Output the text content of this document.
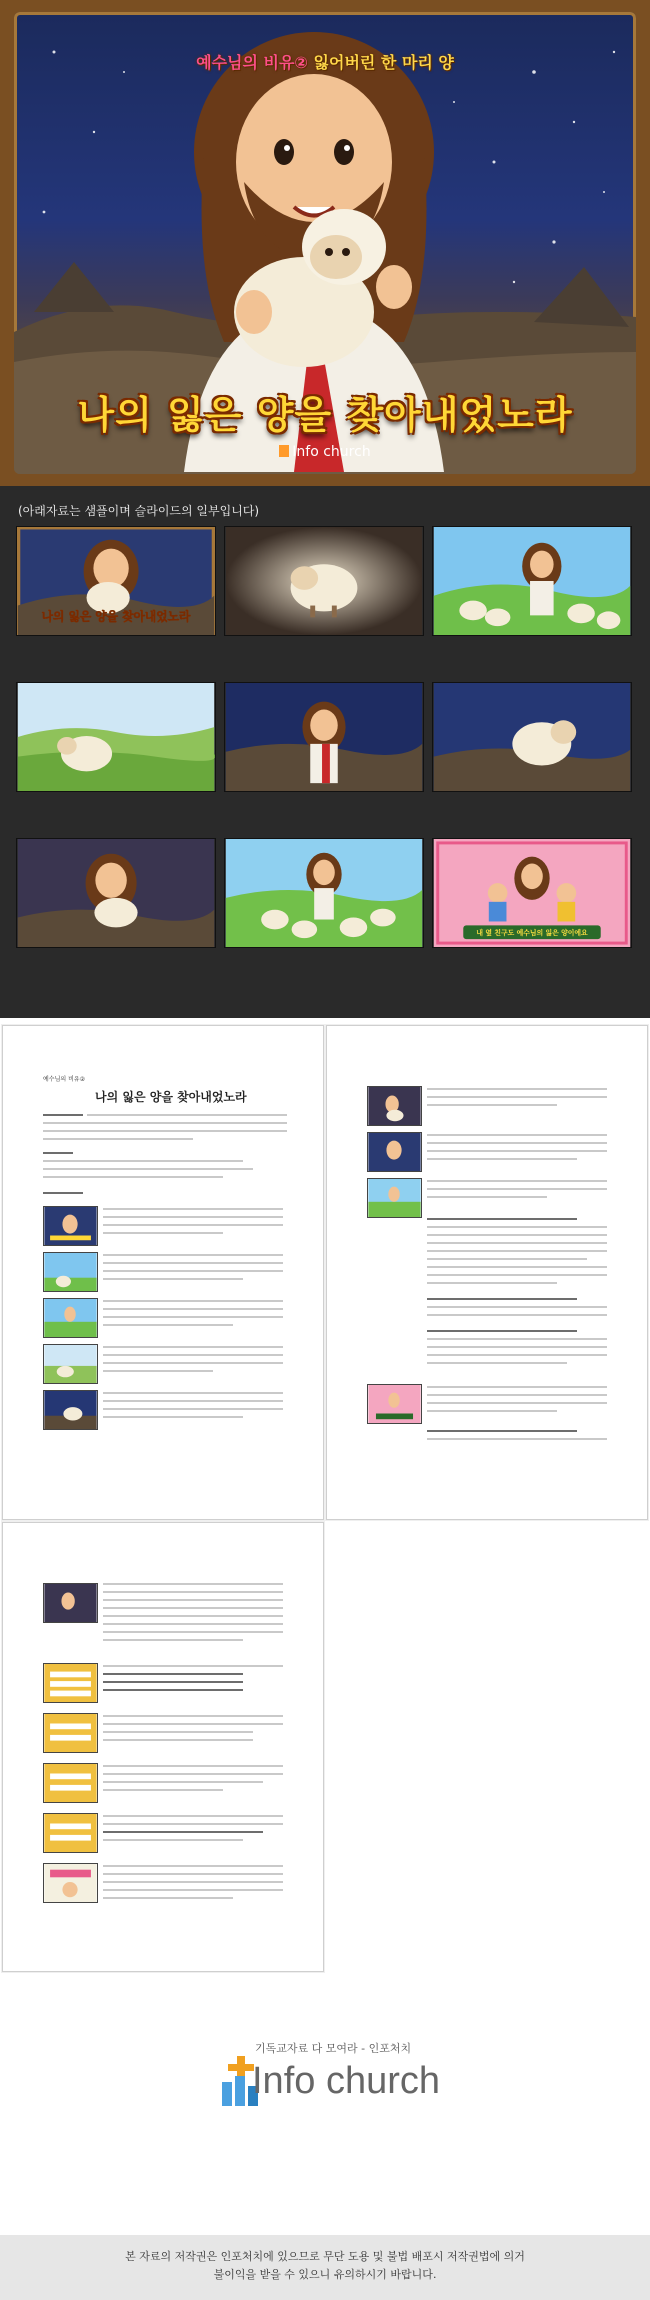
예수님의 비유② 잃어버린 한 마리 양
나의 잃은 양을 찾아내었노라
Info church
(아래자료는 샘플이며 슬라이드의 일부입니다)
나의 잃은 양을 찾아내었노라
내 옆 친구도 예수님의 잃은 양이에요
예수님의 비유②
나의 잃은 양을 찾아내었노라
기독교자료 다 모여라 - 인포처치
Info church
본 자료의 저작권은 인포처치에 있으므로 무단 도용 및 불법 배포시 저작권법에 의거
불이익을 받을 수 있으니 유의하시기 바랍니다.
